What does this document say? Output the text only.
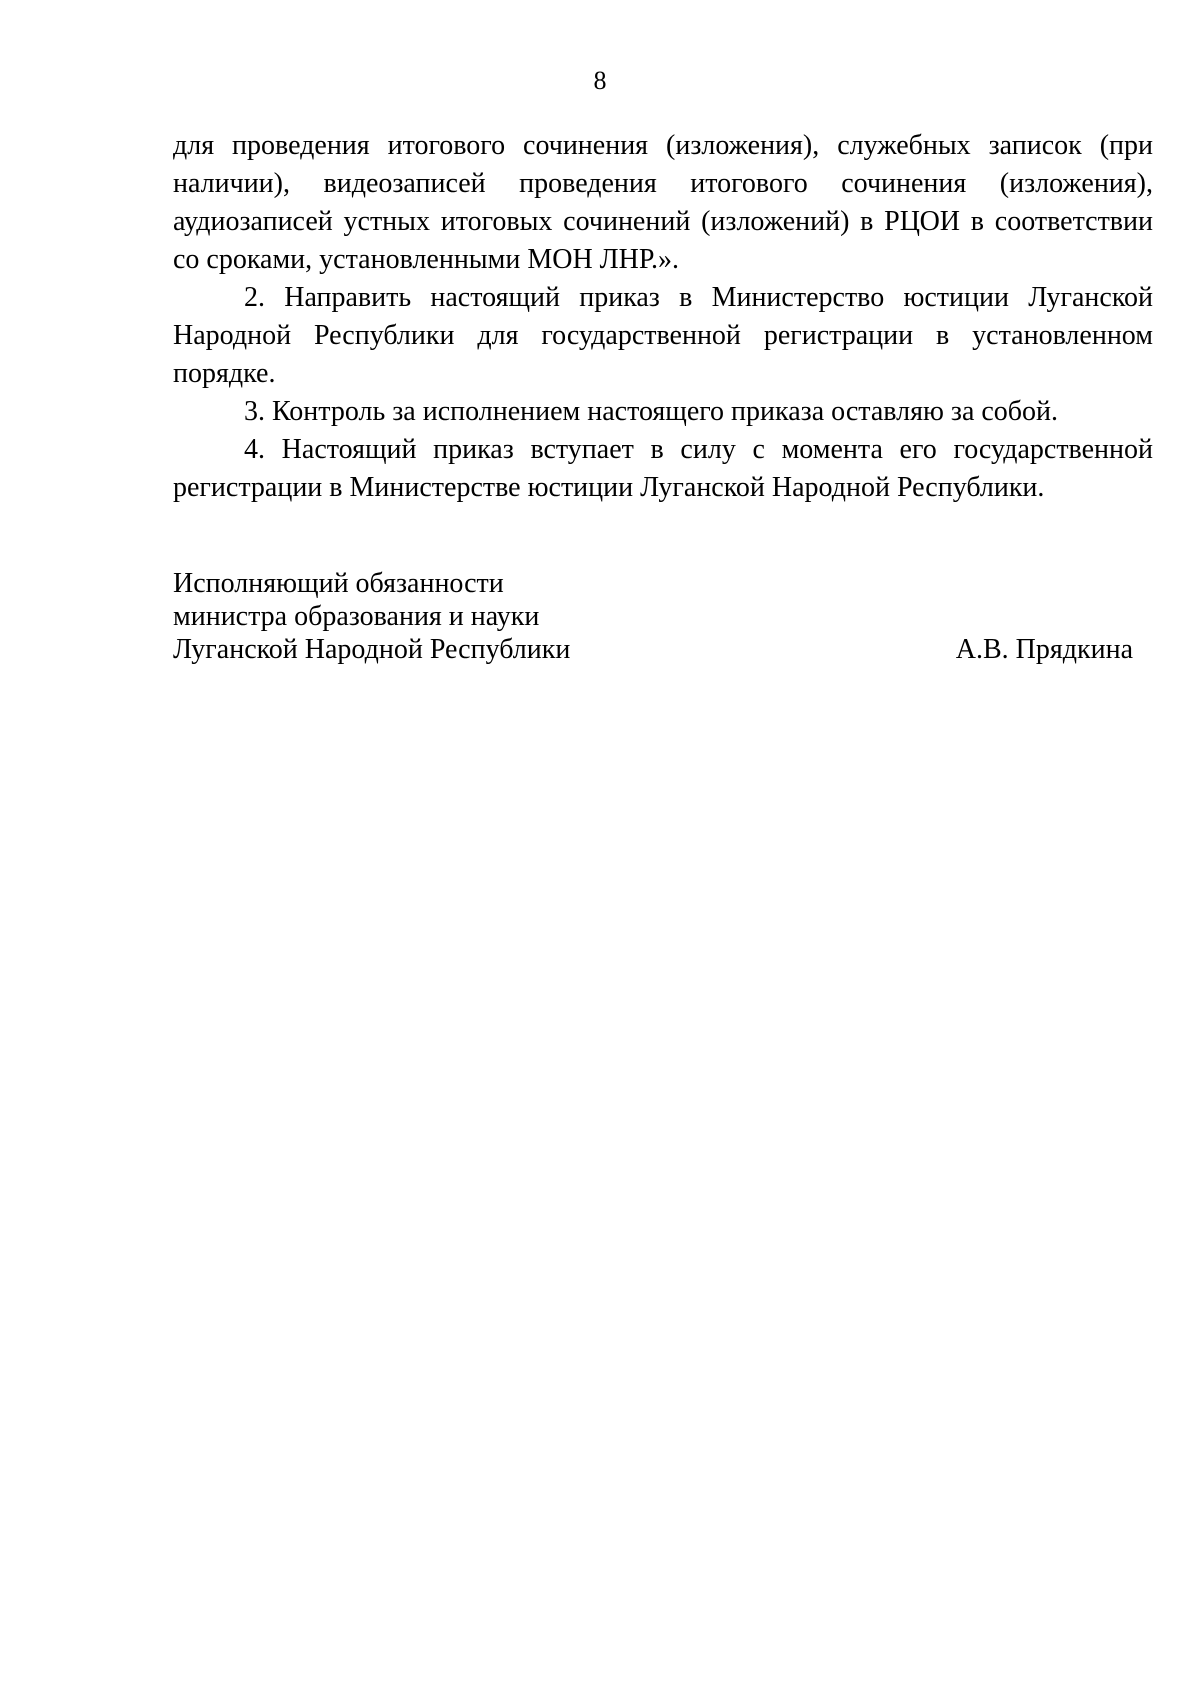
8

для проведения итогового сочинения (изложения), служебных записок (при наличии), видеозаписей проведения итогового сочинения (изложения), аудиозаписей устных итоговых сочинений (изложений) в РЦОИ в соответствии со сроками, установленными МОН ЛНР.».

2. Направить настоящий приказ в Министерство юстиции Луганской Народной Республики для государственной регистрации в установленном порядке.

3. Контроль за исполнением настоящего приказа оставляю за собой.

4. Настоящий приказ вступает в силу с момента его государственной регистрации в Министерстве юстиции Луганской Народной Республики.

Исполняющий обязанности
министра образования и науки
Луганской Народной Республики	А.В. Прядкина
